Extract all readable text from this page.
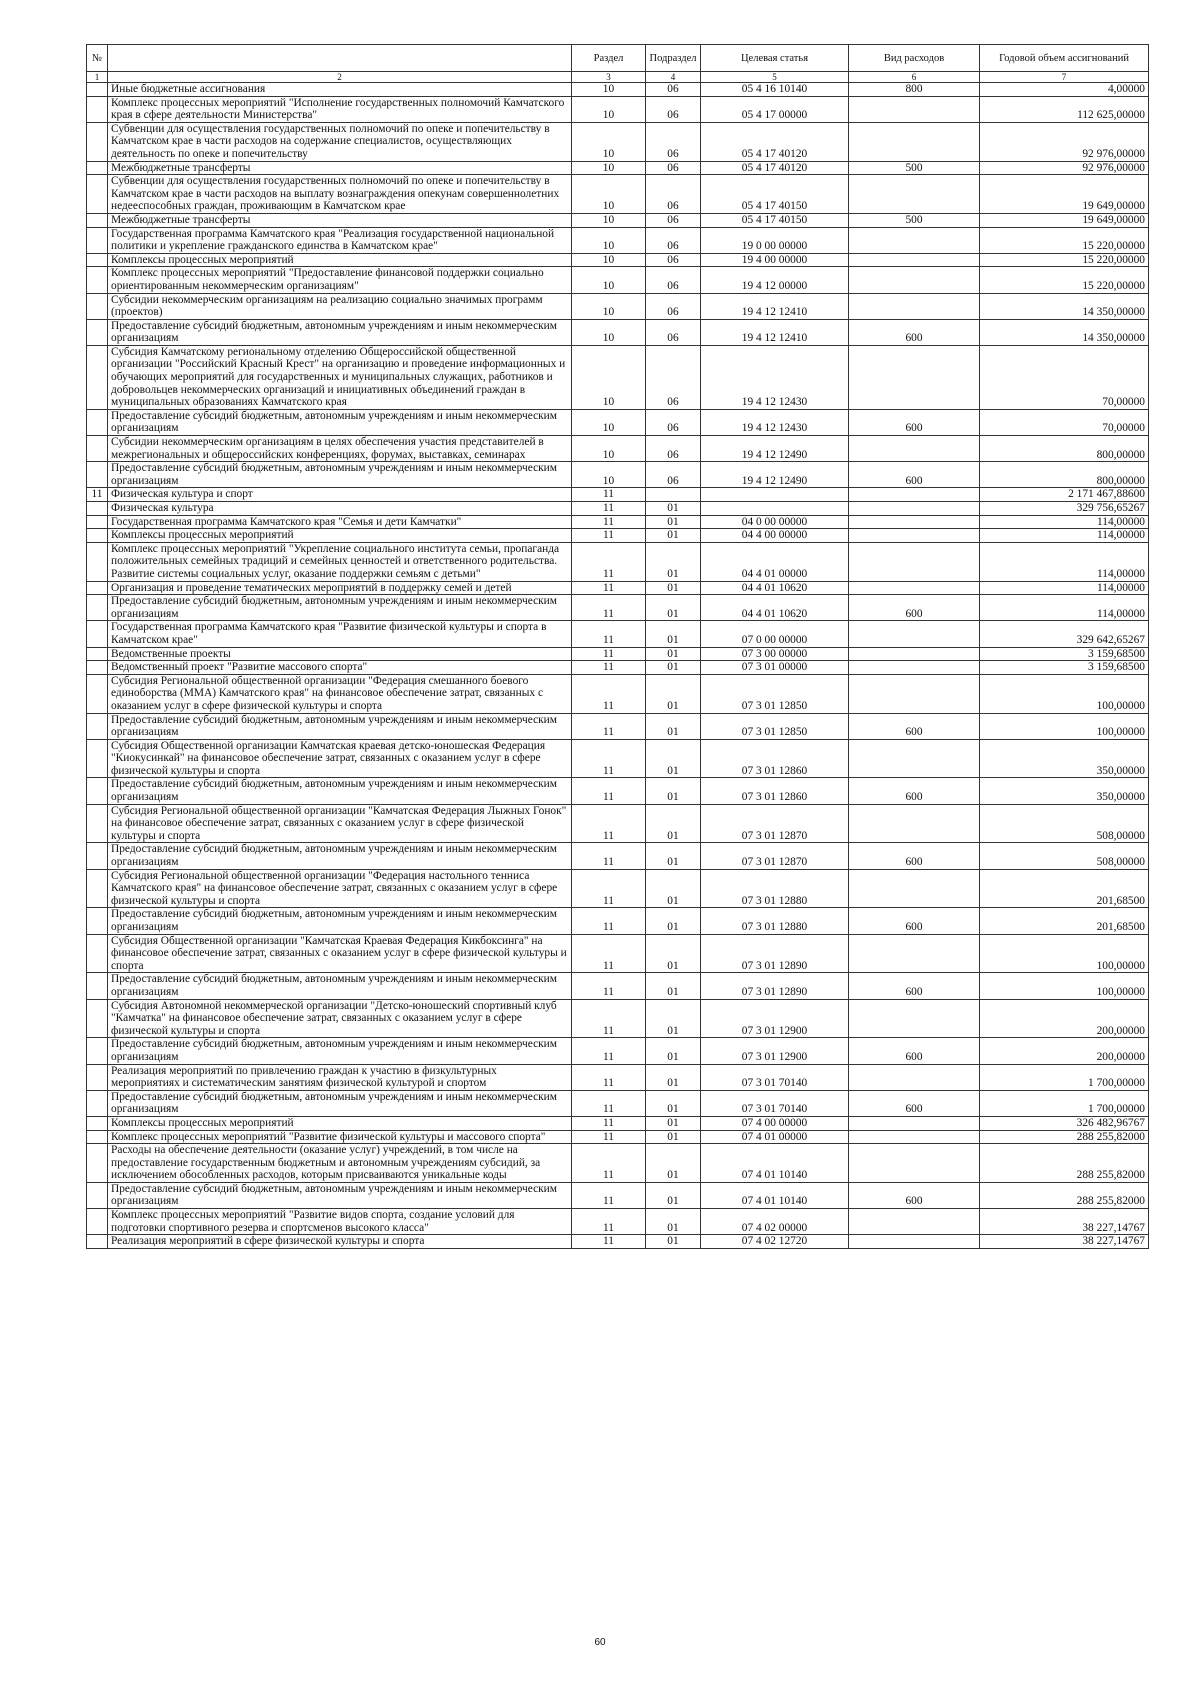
№		Раздел	Подраздел	Целевая статья	Вид расходов	Годовой объем ассигнований
1	2	3	4	5	6	7
	Иные бюджетные ассигнования	10	06	05 4 16 10140	800	4,00000
	Комплекс процессных мероприятий "Исполнение государственных полномочий Камчатского края в сфере деятельности Министерства"	10	06	05 4 17 00000		112 625,00000
	Субвенции для осуществления государственных полномочий по опеке и попечительству в Камчатском крае в части расходов на содержание специалистов, осуществляющих деятельность по опеке и попечительству	10	06	05 4 17 40120		92 976,00000
	Межбюджетные трансферты	10	06	05 4 17 40120	500	92 976,00000
	Субвенции для осуществления государственных полномочий по опеке и попечительству в Камчатском крае в части расходов на выплату вознаграждения опекунам совершеннолетних недееспособных граждан, проживающим в Камчатском крае	10	06	05 4 17 40150		19 649,00000
	Межбюджетные трансферты	10	06	05 4 17 40150	500	19 649,00000
	Государственная программа Камчатского края "Реализация государственной национальной политики и укрепление гражданского единства в Камчатском крае"	10	06	19 0 00 00000		15 220,00000
	Комплексы процессных мероприятий	10	06	19 4 00 00000		15 220,00000
	Комплекс процессных мероприятий "Предоставление финансовой поддержки социально ориентированным некоммерческим организациям"	10	06	19 4 12 00000		15 220,00000
	Субсидии некоммерческим организациям на реализацию социально значимых программ (проектов)	10	06	19 4 12 12410		14 350,00000
	Предоставление субсидий бюджетным, автономным учреждениям и иным некоммерческим организациям	10	06	19 4 12 12410	600	14 350,00000
	Субсидия Камчатскому региональному отделению Общероссийской общественной организации "Российский Красный Крест" на организацию и проведение информационных и обучающих мероприятий для государственных и муниципальных служащих, работников и добровольцев некоммерческих организаций и инициативных объединений граждан в муниципальных образованиях Камчатского края	10	06	19 4 12 12430		70,00000
	Предоставление субсидий бюджетным, автономным учреждениям и иным некоммерческим организациям	10	06	19 4 12 12430	600	70,00000
	Субсидии некоммерческим организациям в целях обеспечения участия представителей в межрегиональных и общероссийских конференциях, форумах, выставках, семинарах	10	06	19 4 12 12490		800,00000
	Предоставление субсидий бюджетным, автономным учреждениям и иным некоммерческим организациям	10	06	19 4 12 12490	600	800,00000
11	Физическая культура и спорт	11				2 171 467,88600
	Физическая культура	11	01			329 756,65267
	Государственная программа Камчатского края "Семья и дети Камчатки"	11	01	04 0 00 00000		114,00000
	Комплексы процессных мероприятий	11	01	04 4 00 00000		114,00000
	Комплекс процессных мероприятий "Укрепление социального института семьи, пропаганда положительных семейных традиций и семейных ценностей и ответственного родительства. Развитие системы социальных услуг, оказание поддержки семьям с детьми"	11	01	04 4 01 00000		114,00000
	Организация и проведение тематических мероприятий в поддержку семей и детей	11	01	04 4 01 10620		114,00000
	Предоставление субсидий бюджетным, автономным учреждениям и иным некоммерческим организациям	11	01	04 4 01 10620	600	114,00000
	Государственная программа Камчатского края "Развитие физической культуры и спорта в Камчатском крае"	11	01	07 0 00 00000		329 642,65267
	Ведомственные проекты	11	01	07 3 00 00000		3 159,68500
	Ведомственный проект "Развитие массового спорта"	11	01	07 3 01 00000		3 159,68500
	Субсидия Региональной общественной организации "Федерация смешанного боевого единоборства (ММА) Камчатского края" на финансовое обеспечение затрат, связанных с оказанием услуг в сфере физической культуры и спорта	11	01	07 3 01 12850		100,00000
	Предоставление субсидий бюджетным, автономным учреждениям и иным некоммерческим организациям	11	01	07 3 01 12850	600	100,00000
	Субсидия Общественной организации Камчатская краевая детско-юношеская Федерация "Киокусинкай" на финансовое обеспечение затрат, связанных с оказанием услуг в сфере физической культуры и спорта	11	01	07 3 01 12860		350,00000
	Предоставление субсидий бюджетным, автономным учреждениям и иным некоммерческим организациям	11	01	07 3 01 12860	600	350,00000
	Субсидия Региональной общественной организации "Камчатская Федерация Лыжных Гонок" на финансовое обеспечение затрат, связанных с оказанием услуг в сфере физической культуры и спорта	11	01	07 3 01 12870		508,00000
	Предоставление субсидий бюджетным, автономным учреждениям и иным некоммерческим организациям	11	01	07 3 01 12870	600	508,00000
	Субсидия Региональной общественной организации "Федерация настольного тенниса Камчатского края" на финансовое обеспечение затрат, связанных с оказанием услуг в сфере физической культуры и спорта	11	01	07 3 01 12880		201,68500
	Предоставление субсидий бюджетным, автономным учреждениям и иным некоммерческим организациям	11	01	07 3 01 12880	600	201,68500
	Субсидия Общественной организации "Камчатская Краевая Федерация Кикбоксинга" на финансовое обеспечение затрат, связанных с оказанием услуг в сфере физической культуры и спорта	11	01	07 3 01 12890		100,00000
	Предоставление субсидий бюджетным, автономным учреждениям и иным некоммерческим организациям	11	01	07 3 01 12890	600	100,00000
	Субсидия Автономной некоммерческой организации "Детско-юношеский спортивный клуб "Камчатка" на финансовое обеспечение затрат, связанных с оказанием услуг в сфере физической культуры и спорта	11	01	07 3 01 12900		200,00000
	Предоставление субсидий бюджетным, автономным учреждениям и иным некоммерческим организациям	11	01	07 3 01 12900	600	200,00000
	Реализация мероприятий по привлечению граждан к участию в физкультурных мероприятиях и систематическим занятиям физической культурой и спортом	11	01	07 3 01 70140		1 700,00000
	Предоставление субсидий бюджетным, автономным учреждениям и иным некоммерческим организациям	11	01	07 3 01 70140	600	1 700,00000
	Комплексы процессных мероприятий	11	01	07 4 00 00000		326 482,96767
	Комплекс процессных мероприятий "Развитие физической культуры и массового спорта"	11	01	07 4 01 00000		288 255,82000
	Расходы на обеспечение деятельности (оказание услуг) учреждений, в том числе на предоставление государственным бюджетным и автономным учреждениям субсидий, за исключением обособленных расходов, которым присваиваются уникальные коды	11	01	07 4 01 10140		288 255,82000
	Предоставление субсидий бюджетным, автономным учреждениям и иным некоммерческим организациям	11	01	07 4 01 10140	600	288 255,82000
	Комплекс процессных мероприятий "Развитие видов спорта, создание условий для подготовки спортивного резерва и спортсменов высокого класса"	11	01	07 4 02 00000		38 227,14767
	Реализация мероприятий в сфере физической культуры и спорта	11	01	07 4 02 12720		38 227,14767
60
